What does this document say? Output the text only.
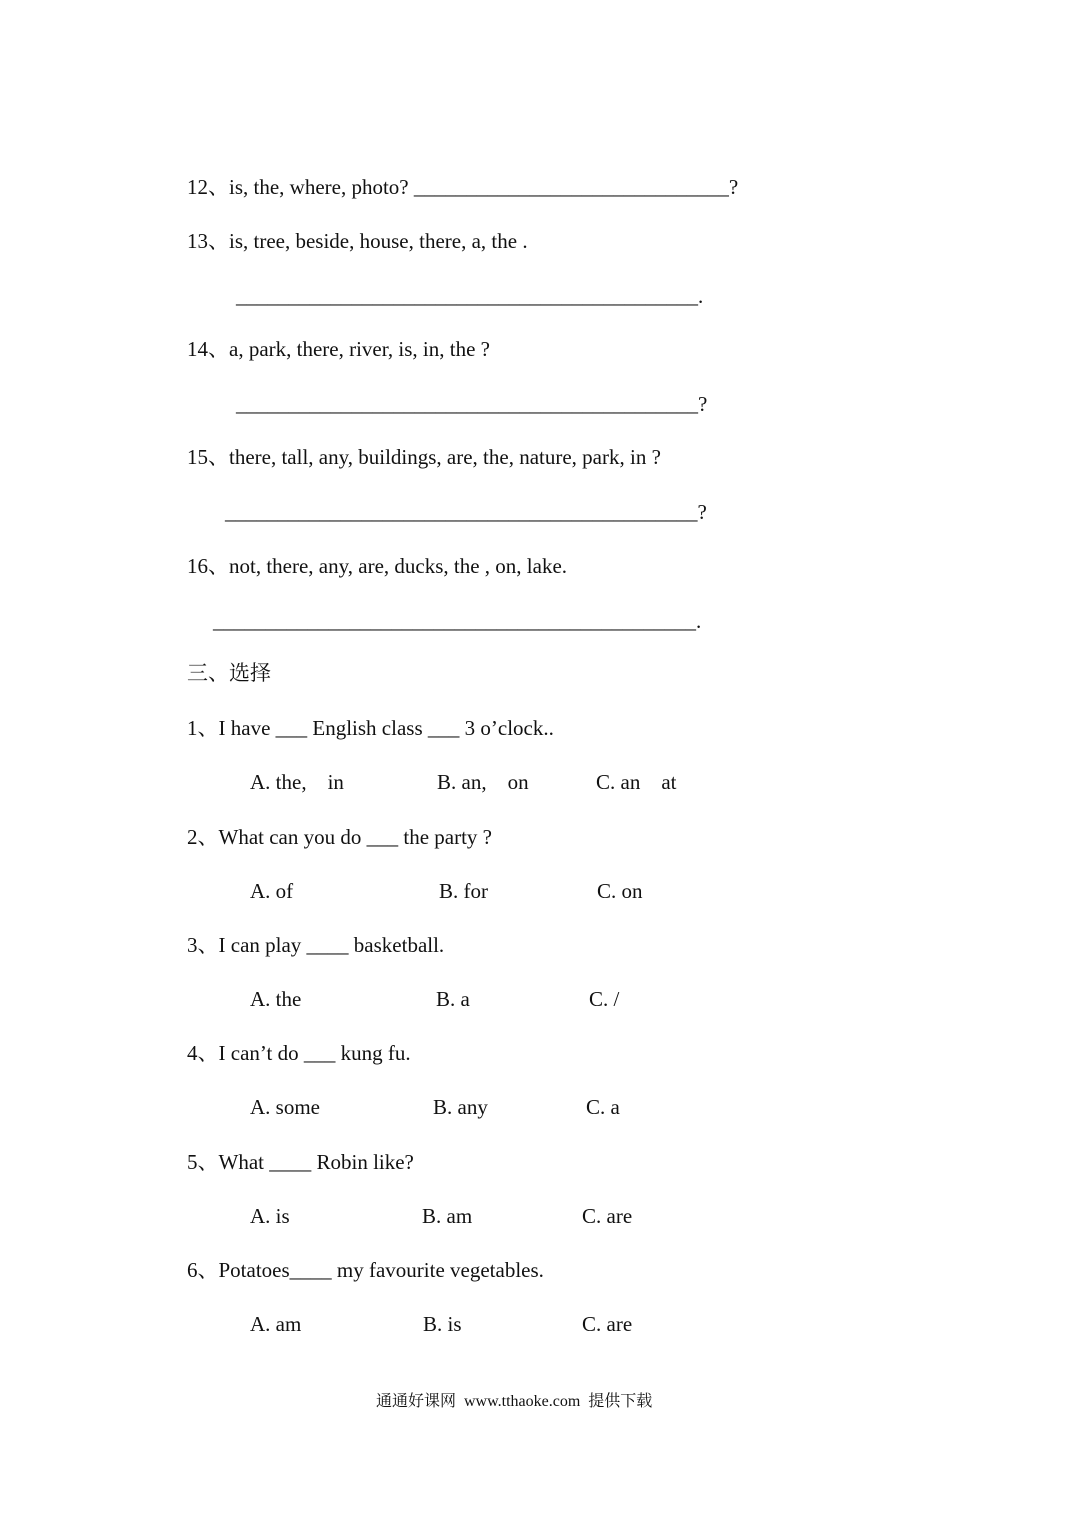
12、is, the, where, photo? ______________________________?
13、is, tree, beside, house, there, a, the .
____________________________________________.
14、a, park, there, river, is, in, the ?
____________________________________________?
15、there, tall, any, buildings, are, the, nature, park, in ?
_____________________________________________?
16、not, there, any, are, ducks, the , on, lake.
______________________________________________.
三、选择
1、I have ___ English class ___ 3 o’clock..
A. the,    in	B. an,    on	C. an    at
2、What can you do ___ the party ?
A. of	B. for	C. on
3、I can play ____ basketball.
A. the	B. a	C. /
4、I can’t do ___ kung fu.
A. some	B. any	C. a
5、What ____ Robin like?
A. is	B. am	C. are
6、Potatoes____ my favourite vegetables.
A. am	B. is	C. are
通通好课网  www.tthaoke.com  提供下载
